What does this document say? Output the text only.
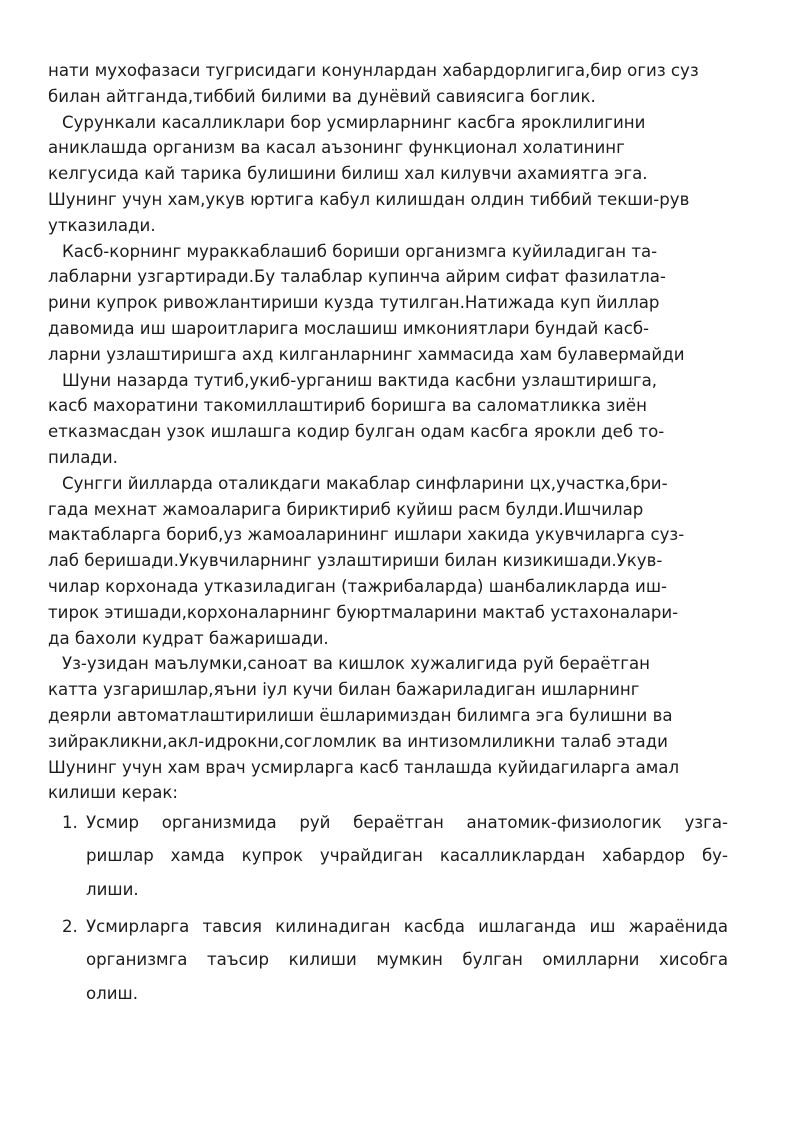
нати мухофазаси тугрисидаги конунлардан хабардорлигига,бир огиз суз
билан айтганда,тиббий билими ва дунёвий савиясига боглик.
Сурункали касалликлари бор усмирларнинг касбга яроклилигини
аниклашда организм ва касал аъзонинг функционал холатининг
келгусида кай тарика булишини билиш хал килувчи ахамиятга эга.
Шунинг учун хам,укув юртига кабул килишдан олдин тиббий текши-рув
утказилади.
Касб-корнинг мураккаблашиб бориши организмга куйиладиган та-
лабларни узгартиради.Бу талаблар купинча айрим сифат фазилатла-
рини купрок ривожлантириши кузда тутилган.Натижада куп йиллар
давомида иш шароитларига мослашиш имкониятлари бундай касб-
ларни узлаштиришга ахд килганларнинг хаммасида хам булавермайди
Шуни назарда тутиб,укиб-урганиш вактида касбни узлаштиришга,
касб махоратини такомиллаштириб боришга ва саломатликка зиён
етказмасдан узок ишлашга кодир булган одам касбга ярокли деб то-
пилади.
Сунгги йилларда оталикдаги макаблар синфларини цх,участка,бри-
гада мехнат жамоаларига бириктириб куйиш расм булди.Ишчилар
мактабларга бориб,уз жамоаларининг ишлари хакида укувчиларга суз-
лаб беришади.Укувчиларнинг узлаштириши билан кизикишади.Укув-
чилар корхонада утказиладиган (тажрибаларда) шанбаликларда иш-
тирок этишади,корхоналарнинг буюртмаларини мактаб устахоналари-
да бахоли кудрат бажаришади.
Уз-узидан маълумки,саноат ва кишлок хужалигида руй бераётган
катта узгаришлар,яъни іул кучи билан бажариладиган ишларнинг
деярли автоматлаштирилиши ёшларимиздан билимга эга булишни ва
зийракликни,акл-идрокни,согломлик ва интизомлиликни талаб этади
Шунинг учун хам врач усмирларга касб танлашда куйидагиларга амал
килиши керак:
1. Усмир организмида руй бераётган анатомик-физиологик узга-
ришлар хамда купрок учрайдиган касалликлардан хабардор бу-
лиши.
2. Усмирларга тавсия килинадиган касбда ишлаганда иш жараёнида
организмга таъсир килиши мумкин булган омилларни хисобга
олиш.
